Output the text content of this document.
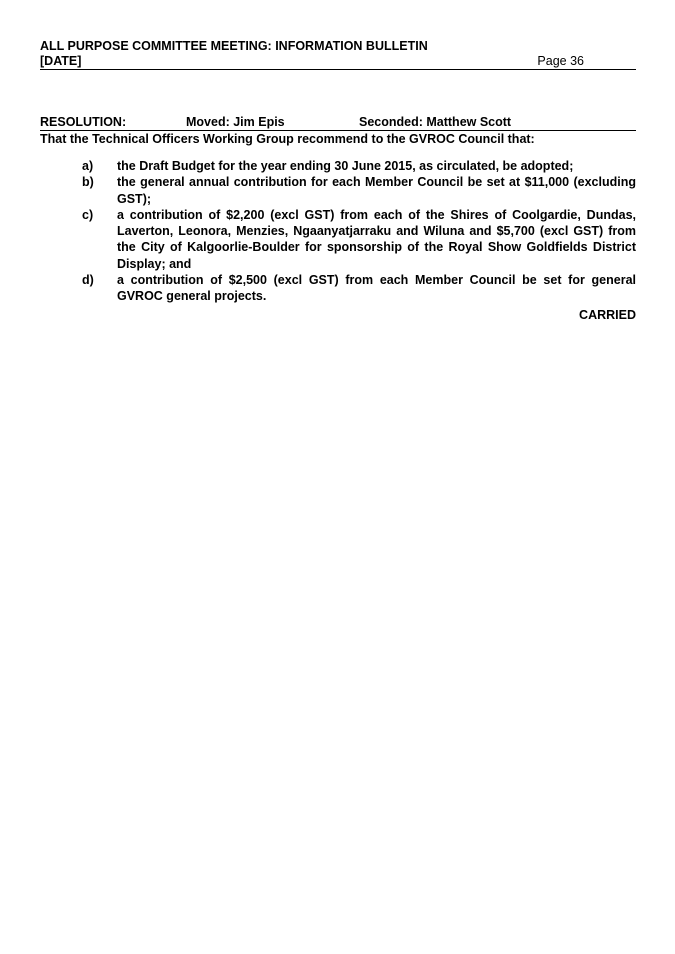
ALL PURPOSE COMMITTEE MEETING: INFORMATION BULLETIN
[DATE]	Page 36
RESOLUTION:	Moved: Jim Epis	Seconded: Matthew Scott
That the Technical Officers Working Group recommend to the GVROC Council that:
a)	the Draft Budget for the year ending 30 June 2015, as circulated, be adopted;
b)	the general annual contribution for each Member Council be set at $11,000 (excluding GST);
c)	a contribution of $2,200 (excl GST) from each of the Shires of Coolgardie, Dundas, Laverton, Leonora, Menzies, Ngaanyatjarraku and Wiluna and $5,700 (excl GST) from the City of Kalgoorlie-Boulder for sponsorship of the Royal Show Goldfields District Display; and
d)	a contribution of $2,500 (excl GST) from each Member Council be set for general GVROC general projects.
CARRIED
